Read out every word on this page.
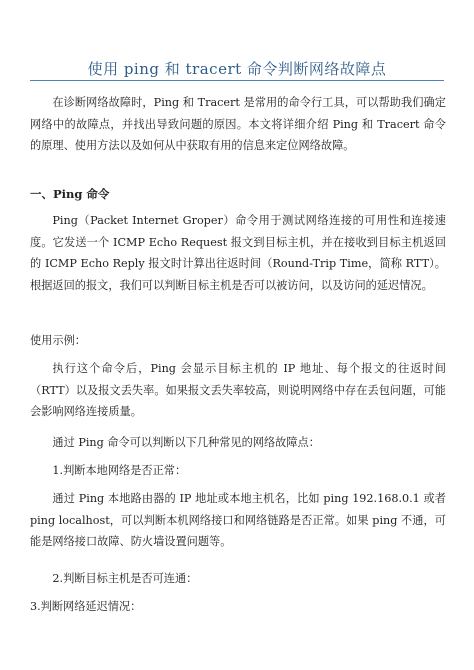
使用 ping 和 tracert 命令判断网络故障点

在诊断网络故障时，Ping 和 Tracert 是常用的命令行工具，可以帮助我们确定网络中的故障点，并找出导致问题的原因。本文将详细介绍 Ping 和 Tracert 命令的原理、使用方法以及如何从中获取有用的信息来定位网络故障。

一、Ping 命令

Ping（Packet Internet Groper）命令用于测试网络连接的可用性和连接速度。它发送一个 ICMP Echo Request 报文到目标主机，并在接收到目标主机返回的 ICMP Echo Reply 报文时计算出往返时间（Round-Trip Time，简称 RTT）。根据返回的报文，我们可以判断目标主机是否可以被访问，以及访问的延迟情况。

使用示例：

执行这个命令后，Ping 会显示目标主机的 IP 地址、每个报文的往返时间（RTT）以及报文丢失率。如果报文丢失率较高，则说明网络中存在丢包问题，可能会影响网络连接质量。

通过 Ping 命令可以判断以下几种常见的网络故障点：

1.判断本地网络是否正常：

通过 Ping 本地路由器的 IP 地址或本地主机名，比如 ping 192.168.0.1 或者 ping localhost，可以判断本机网络接口和网络链路是否正常。如果 ping 不通，可能是网络接口故障、防火墙设置问题等。

2.判断目标主机是否可连通：

3.判断网络延迟情况：
